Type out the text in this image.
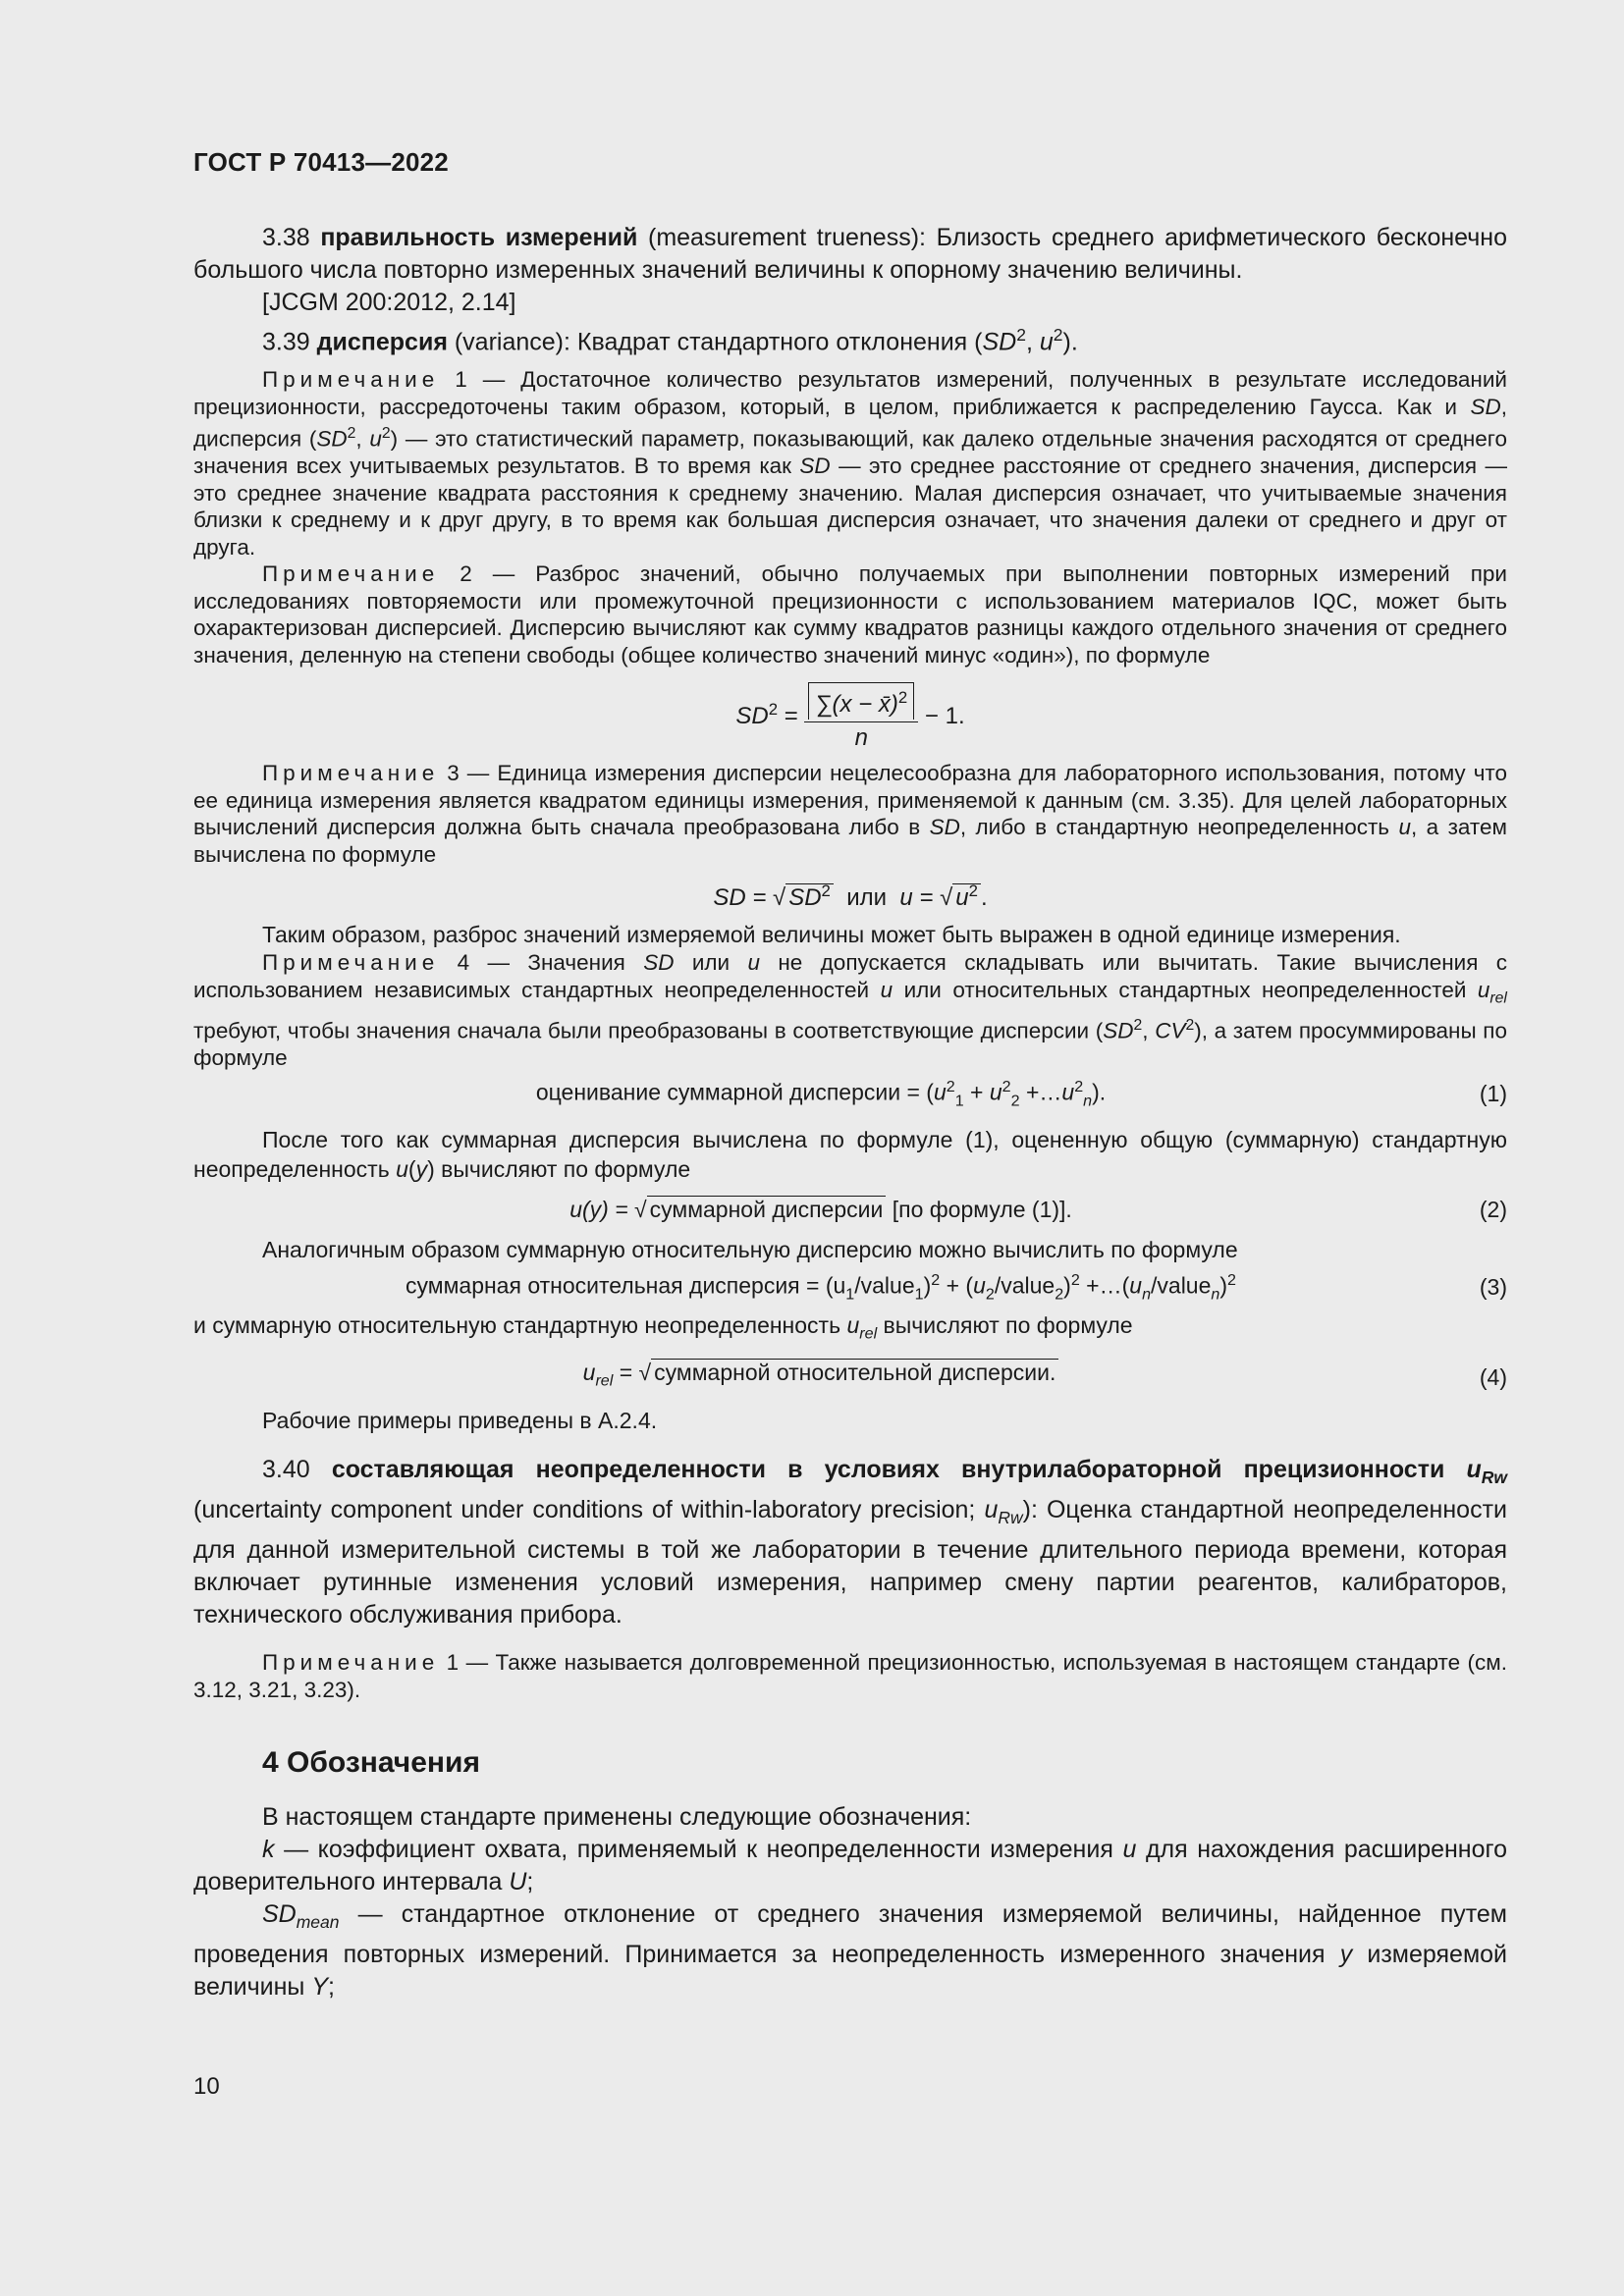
ГОСТ Р 70413—2022

3.38 правильность измерений (measurement trueness): Близость среднего арифметического бесконечно большого числа повторно измеренных значений величины к опорному значению величины.

[JCGM 200:2012, 2.14]

3.39 дисперсия (variance): Квадрат стандартного отклонения ($SD^2$, $u^2$).

Примечание 1 — Достаточное количество результатов измерений, полученных в результате исследований прецизионности, рассредоточены таким образом, который, в целом, приближается к распределению Гаусса. Как и SD, дисперсия ($SD^2$, $u^2$) — это статистический параметр, показывающий, как далеко отдельные значения расходятся от среднего значения всех учитываемых результатов. В то время как SD — это среднее расстояние от среднего значения, дисперсия — это среднее значение квадрата расстояния к среднему значению. Малая дисперсия означает, что учитываемые значения близки к среднему и к друг другу, в то время как большая дисперсия означает, что значения далеки от среднего и друг от друга.

Примечание 2 — Разброс значений, обычно получаемых при выполнении повторных измерений при исследованиях повторяемости или промежуточной прецизионности с использованием материалов IQC, может быть охарактеризован дисперсией. Дисперсию вычисляют как сумму квадратов разницы каждого отдельного значения от среднего значения, деленную на степени свободы (общее количество значений минус «один»), по формуле

$SD^2 = \frac{\sum(x - x̄)^2}{n} - 1$.

Примечание 3 — Единица измерения дисперсии нецелесообразна для лабораторного использования, потому что ее единица измерения является квадратом единицы измерения, применяемой к данным (см. 3.35). Для целей лабораторных вычислений дисперсия должна быть сначала преобразована либо в SD, либо в стандартную неопределенность u, а затем вычислена по формуле

SD = √ $SD^2$ или u = √ $u^2$ .

Таким образом, разброс значений измеряемой величины может быть выражен в одной единице измерения.

Примечание 4 — Значения SD или u не допускается складывать или вычитать. Такие вычисления с использованием независимых стандартных неопределенностей u или относительных стандартных неопределенностей $u_{rel}$ требуют, чтобы значения сначала были преобразованы в соответствующие дисперсии ($SD^2$, $CV^2$), а затем просуммированы по формуле

оценивание суммарной дисперсии = ($u^2_1 + u^2_2$ $+\dots u^2_n$).	(1)

После того как суммарная дисперсия вычислена по формуле (1), оцененную общую (суммарную) стандартную неопределенность u(y) вычисляют по формуле

u(y) = √ суммарной дисперсии [по формуле (1)].	(2)

Аналогичным образом суммарную относительную дисперсию можно вычислить по формуле

суммарная относительная дисперсия = $(u_1/value_1)^2$ + $(u_2/value_2)^2$ $+\dots(u_n/value_n)^2$	(3)

и суммарную относительную стандартную неопределенность $u_{rel}$ вычисляют по формуле

$u_{rel}$ = √ суммарной относительной дисперсии.	(4)

Рабочие примеры приведены в А.2.4.

3.40 составляющая неопределенности в условиях внутрилабораторной прецизионности $u_{Rw}$ (uncertainty component under conditions of within-laboratory precision; $u_{Rw}$): Оценка стандартной неопределенности для данной измерительной системы в той же лаборатории в течение длительного периода времени, которая включает рутинные изменения условий измерения, например смену партии реагентов, калибраторов, технического обслуживания прибора.

Примечание 1 — Также называется долговременной прецизионностью, используемая в настоящем стандарте (см. 3.12, 3.21, 3.23).

4 Обозначения

В настоящем стандарте применены следующие обозначения:

k — коэффициент охвата, применяемый к неопределенности измерения u для нахождения расширенного доверительного интервала U;

$SD_{mean}$ — стандартное отклонение от среднего значения измеряемой величины, найденное путем проведения повторных измерений. Принимается за неопределенность измеренного значения y измеряемой величины Y;

10
